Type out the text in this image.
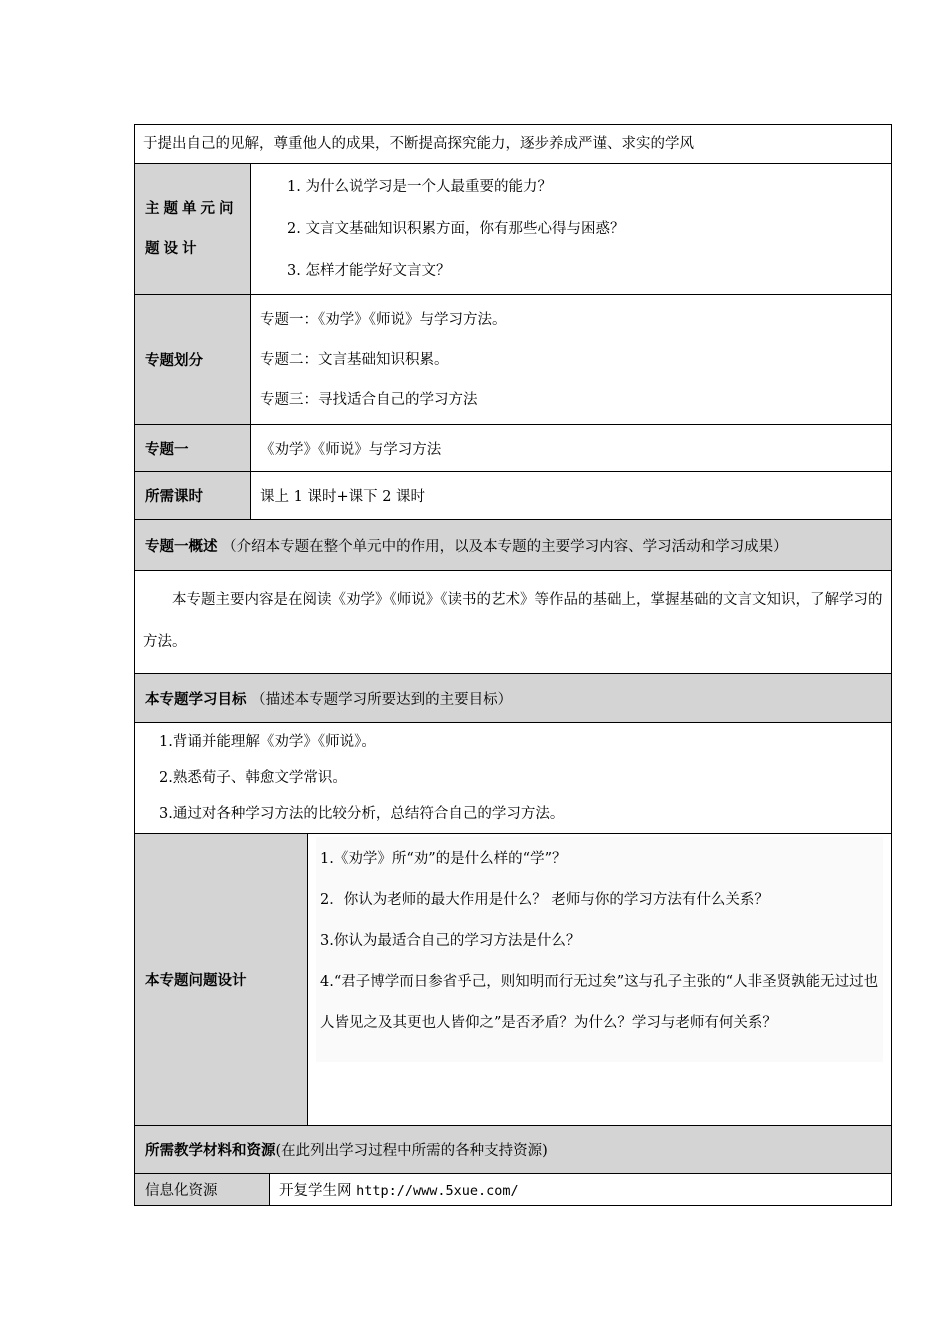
于提出自己的见解，尊重他人的成果，不断提高探究能力，逐步养成严谨、求实的学风			

主题单元问题设计	1. 为什么说学习是一个人最重要的能力？
2. 文言文基础知识积累方面，你有那些心得与困惑？
3. 怎样才能学好文言文？		

专题划分	专题一：《劝学》《师说》与学习方法。
专题二：文言基础知识积累。
专题三：寻找适合自己的学习方法		

专题一	《劝学》《师说》与学习方法		
所需课时	课上 1 课时+课下 2 课时		
专题一概述 （介绍本专题在整个单元中的作用，以及本专题的主要学习内容、学习活动和学习成果）			
本专题主要内容是在阅读《劝学》《师说》《读书的艺术》等作品的基础上，掌握基础的文言文知识，了解学习的方法。			
本专题学习目标 （描述本专题学习所要达到的主要目标）			

1.背诵并能理解《劝学》《师说》。
2.熟悉荀子、韩愈文学常识。
3.通过对各种学习方法的比较分析，总结符合自己的学习方法。			

本专题问题设计			1.《劝学》所“劝”的是什么样的“学”？
2．你认为老师的最大作用是什么？ 老师与你的学习方法有什么关系？
3.你认为最适合自己的学习方法是什么？
4.“君子博学而日参省乎己，则知明而行无过矣”这与孔子主张的“人非圣贤孰能无过过也人皆见之及其更也人皆仰之”是否矛盾？为什么？学习与老师有何关系？

所需教学材料和资源(在此列出学习过程中所需的各种支持资源)			
信息化资源		开复学生网 http://www.5xue.com/	
